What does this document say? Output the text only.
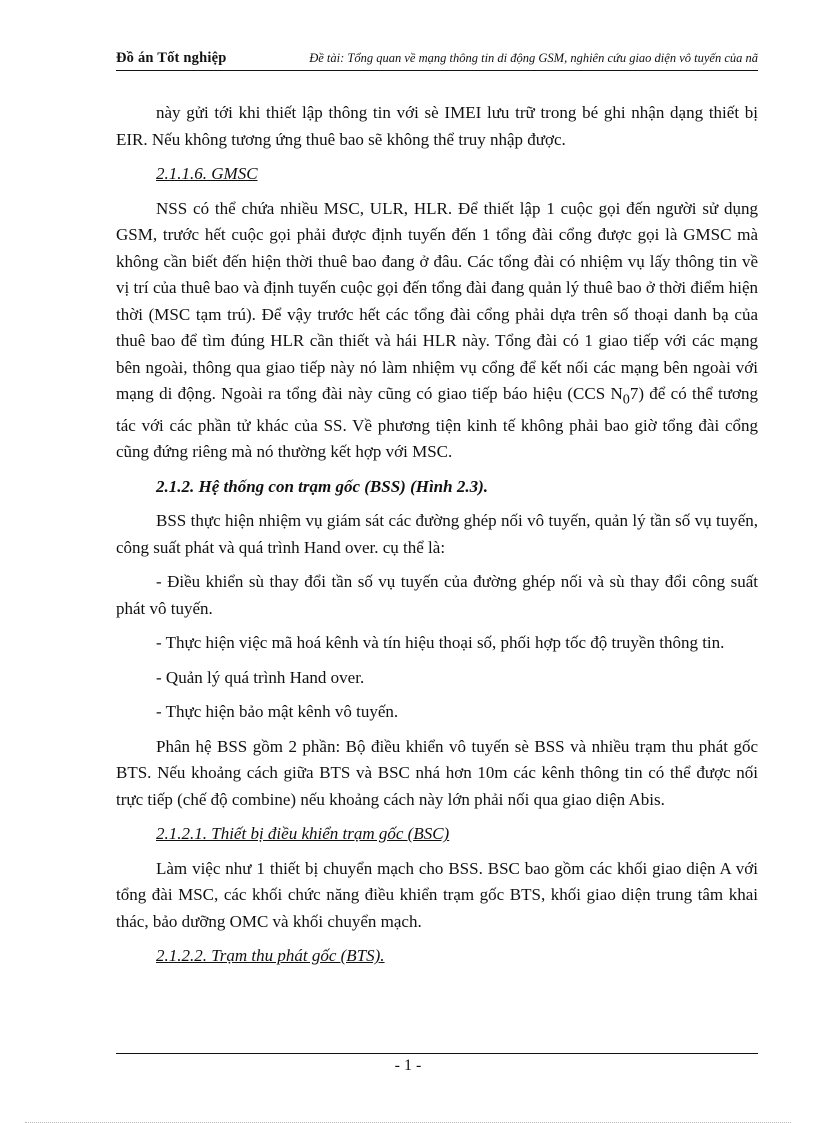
Đồ án Tốt nghiệp	Đề tài: Tổng quan về mạng thông tin di động GSM, nghiên cứu giao diện vô tuyến của nã

này gửi tới khi thiết lập thông tin với sè IMEI lưu trữ trong bé ghi nhận dạng thiết bị EIR. Nếu không tương ứng thuê bao sẽ không thể truy nhập được.

2.1.1.6. GMSC

NSS có thể chứa nhiều MSC, ULR, HLR. Để thiết lập 1 cuộc gọi đến người sử dụng GSM, trước hết cuộc gọi phải được định tuyến đến 1 tổng đài cổng được gọi là GMSC mà không cần biết đến hiện thời thuê bao đang ở đâu. Các tổng đài có nhiệm vụ lấy thông tin về vị trí của thuê bao và định tuyến cuộc gọi đến tổng đài đang quản lý thuê bao ở thời điểm hiện thời (MSC tạm trú). Để vậy trước hết các tổng đài cổng phải dựa trên số thoại danh bạ của thuê bao để tìm đúng HLR cần thiết và hái HLR này. Tổng đài có 1 giao tiếp với các mạng bên ngoài, thông qua giao tiếp này nó làm nhiệm vụ cổng để kết nối các mạng bên ngoài với mạng di động. Ngoài ra tổng đài này cũng có giao tiếp báo hiệu (CCS $N_07$) để có thể tương tác với các phần tử khác của SS. Về phương tiện kinh tế không phải bao giờ tổng đài cổng cũng đứng riêng mà nó thường kết hợp với MSC.

2.1.2. Hệ thống con trạm gốc (BSS) (Hình 2.3).

BSS thực hiện nhiệm vụ giám sát các đường ghép nối vô tuyến, quản lý tần số vụ tuyến, công suất phát và quá trình Hand over. cụ thể là:

- Điều khiển sù thay đổi tần số vụ tuyến của đường ghép nối và sù thay đổi công suất phát vô tuyến.

- Thực hiện việc mã hoá kênh và tín hiệu thoại số, phối hợp tốc độ truyền thông tin.

- Quản lý quá trình Hand over.

- Thực hiện bảo mật kênh vô tuyến.

Phân hệ BSS gồm 2 phần: Bộ điều khiển vô tuyến sè BSS và nhiều trạm thu phát gốc BTS. Nếu khoảng cách giữa BTS và BSC nhá hơn 10m các kênh thông tin có thể được nối trực tiếp (chế độ combine) nếu khoảng cách này lớn phải nối qua giao diện Abis.

2.1.2.1. Thiết bị điều khiển trạm gốc (BSC)

Làm việc như 1 thiết bị chuyển mạch cho BSS. BSC bao gồm các khối giao diện A với tổng đài MSC, các khối chức năng điều khiển trạm gốc BTS, khối giao diện trung tâm khai thác, bảo dưỡng OMC và khối chuyển mạch.

2.1.2.2. Trạm thu phát gốc (BTS).

- 1 -
